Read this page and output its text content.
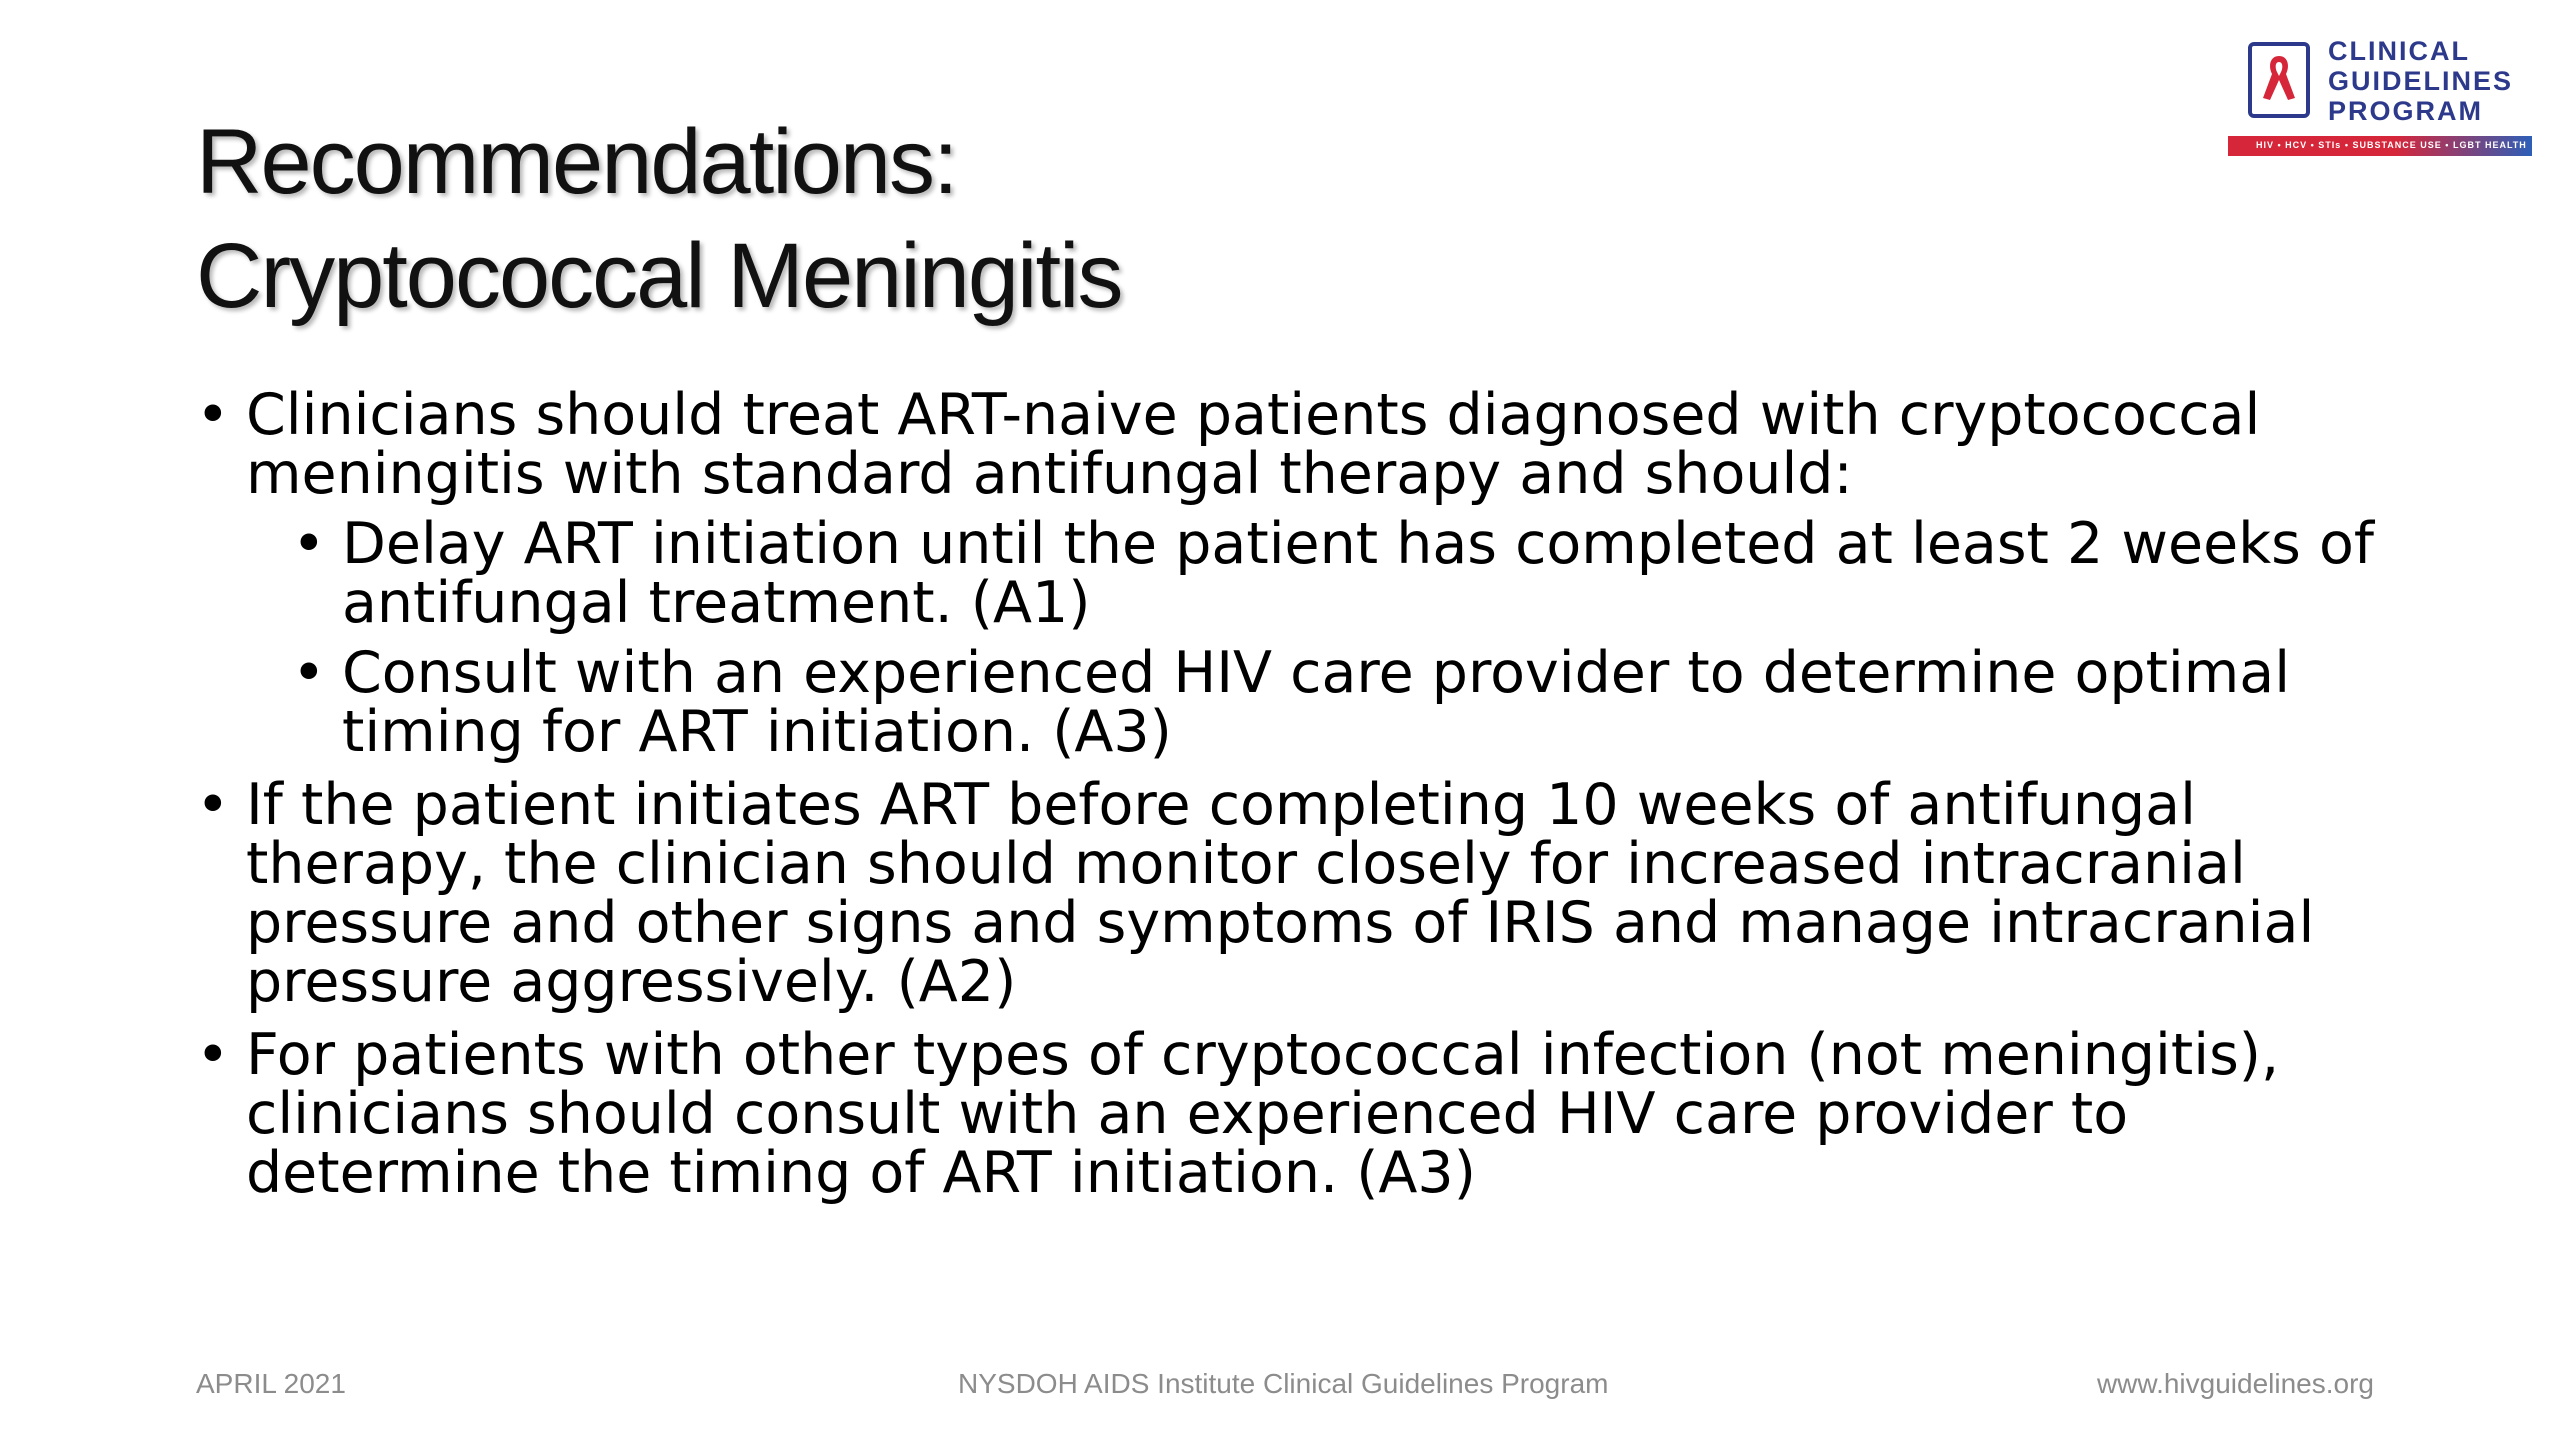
CLINICAL
GUIDELINES
PROGRAM
HIV • HCV • STIs • SUBSTANCE USE • LGBT HEALTH
Recommendations:
Cryptococcal Meningitis
• Clinicians should treat ART-naive patients diagnosed with cryptococcal meningitis with standard antifungal therapy and should:
• Delay ART initiation until the patient has completed at least 2 weeks of antifungal treatment. (A1)
• Consult with an experienced HIV care provider to determine optimal timing for ART initiation. (A3)
• If the patient initiates ART before completing 10 weeks of antifungal therapy, the clinician should monitor closely for increased intracranial pressure and other signs and symptoms of IRIS and manage intracranial pressure aggressively. (A2)
• For patients with other types of cryptococcal infection (not meningitis), clinicians should consult with an experienced HIV care provider to determine the timing of ART initiation. (A3)
APRIL 2021	NYSDOH AIDS Institute Clinical Guidelines Program	www.hivguidelines.org
